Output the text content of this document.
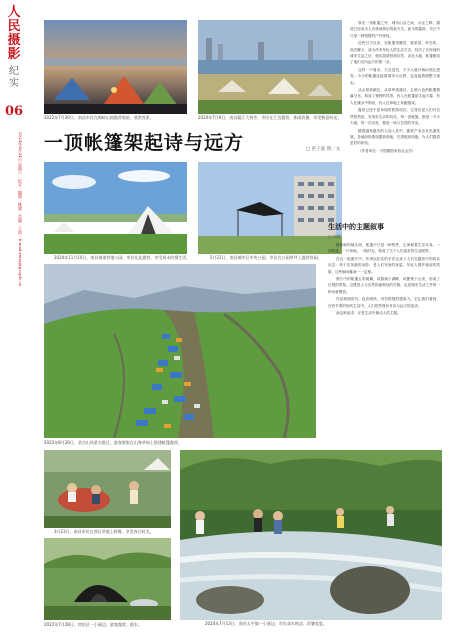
人民摄影
纪实
06
2024年8月24日 星期六 · 纪实 · 编辑：姚斌 · 美编：王岚 · E-mail:rmsy@people.cn
2022年7月30日，南昌市民在梅岭山间露营观星，欣赏夜景。	2024年7月6日，南昌赣江大桥旁，市民在江边露营，休闲消暑，享受惬意时光。

原先一顶帐篷之外，城市山谷之间，水洼之畔，露营已经成为人们休闲娱乐的新方式。如今的露营，早已不只是一种短暂的户外体验。

近些日子以来，在帐篷里睡觉、看星星、听虫鸣、品茗聊天，成为许多年轻人的生活方式。经历了长时间的城市生活之后，他们渴望回到自然、亲近大地，帐篷便成了他们走向远方的第一站。

这样一个周末，天还没亮，不少人就开始向郊区进发。小小的帐篷连接着城市与山野，也连接着理想与现实。

从山岗到湖边，从草坪到溪谷，五颜六色的帐篷错落分布，构成了独特的风景。有人在帐篷前支起天幕，有人在溪水中纳凉，有人在草地上奔跑嬉戏。

露营已经不是单纯的旅游项目，它背后是人们对自然的热爱、对美好生活的向往。每一顶帐篷，都是一方小天地；每一次出发，都是一场与自然的对话。

随着越来越多的人加入其中，露营产业也在迅速发展，各地纷纷建设露营营地，完善配套设施，为人们提供更好的体验。

（作者单位：中国摄影家协会会员）

一顶帐篷架起诗与远方	□ 洪子波 图／文
2024年11月10日，南昌秦淮营地公园，市民在此露营，享受周末的慢生活。	5月22日，南昌城市区中央公园，市民在公园草坪上露营休闲。
生活中的主题叙事
□ 周默

摄影师的镜头里，帐篷不只是一种物件，它承载着生活本身。一顶帐篷，一片草地，一段时光，构成了当下人们追求的生活图景。

在这一组照片中，作者以纪实的手法记录下人们在露营中的真实状态：孩子们奔跑的身影，老人们安坐的身姿，年轻人围炉夜话的笑脸，这些瞬间都被一一定格。

照片中的帐篷五彩斑斓，或散落于湖畔，或聚集于山顶，形成了壮观的景象。这既是人与自然和谐相处的写照，也是城市生活之外的一种诗意栖居。

作品构图讲究，色彩明快，具有很强的感染力。它让我们看到，在快节奏的现代生活中，人们依然保有对诗与远方的追求。

而这种追求，正是生活中最动人的主题。

2023年8月26日，武功山风景名胜区，游客聚集在山脊草甸上搭建帐篷露营。
3月23日，南昌市民在郊区草地上野餐，享受春日时光。
2024年7月13日，南昌太平镇一小溪边，市民戏水纳凉，消暑度夏。
2022年7月28日，湾里区一小溪边，游客露营，嬉水。
